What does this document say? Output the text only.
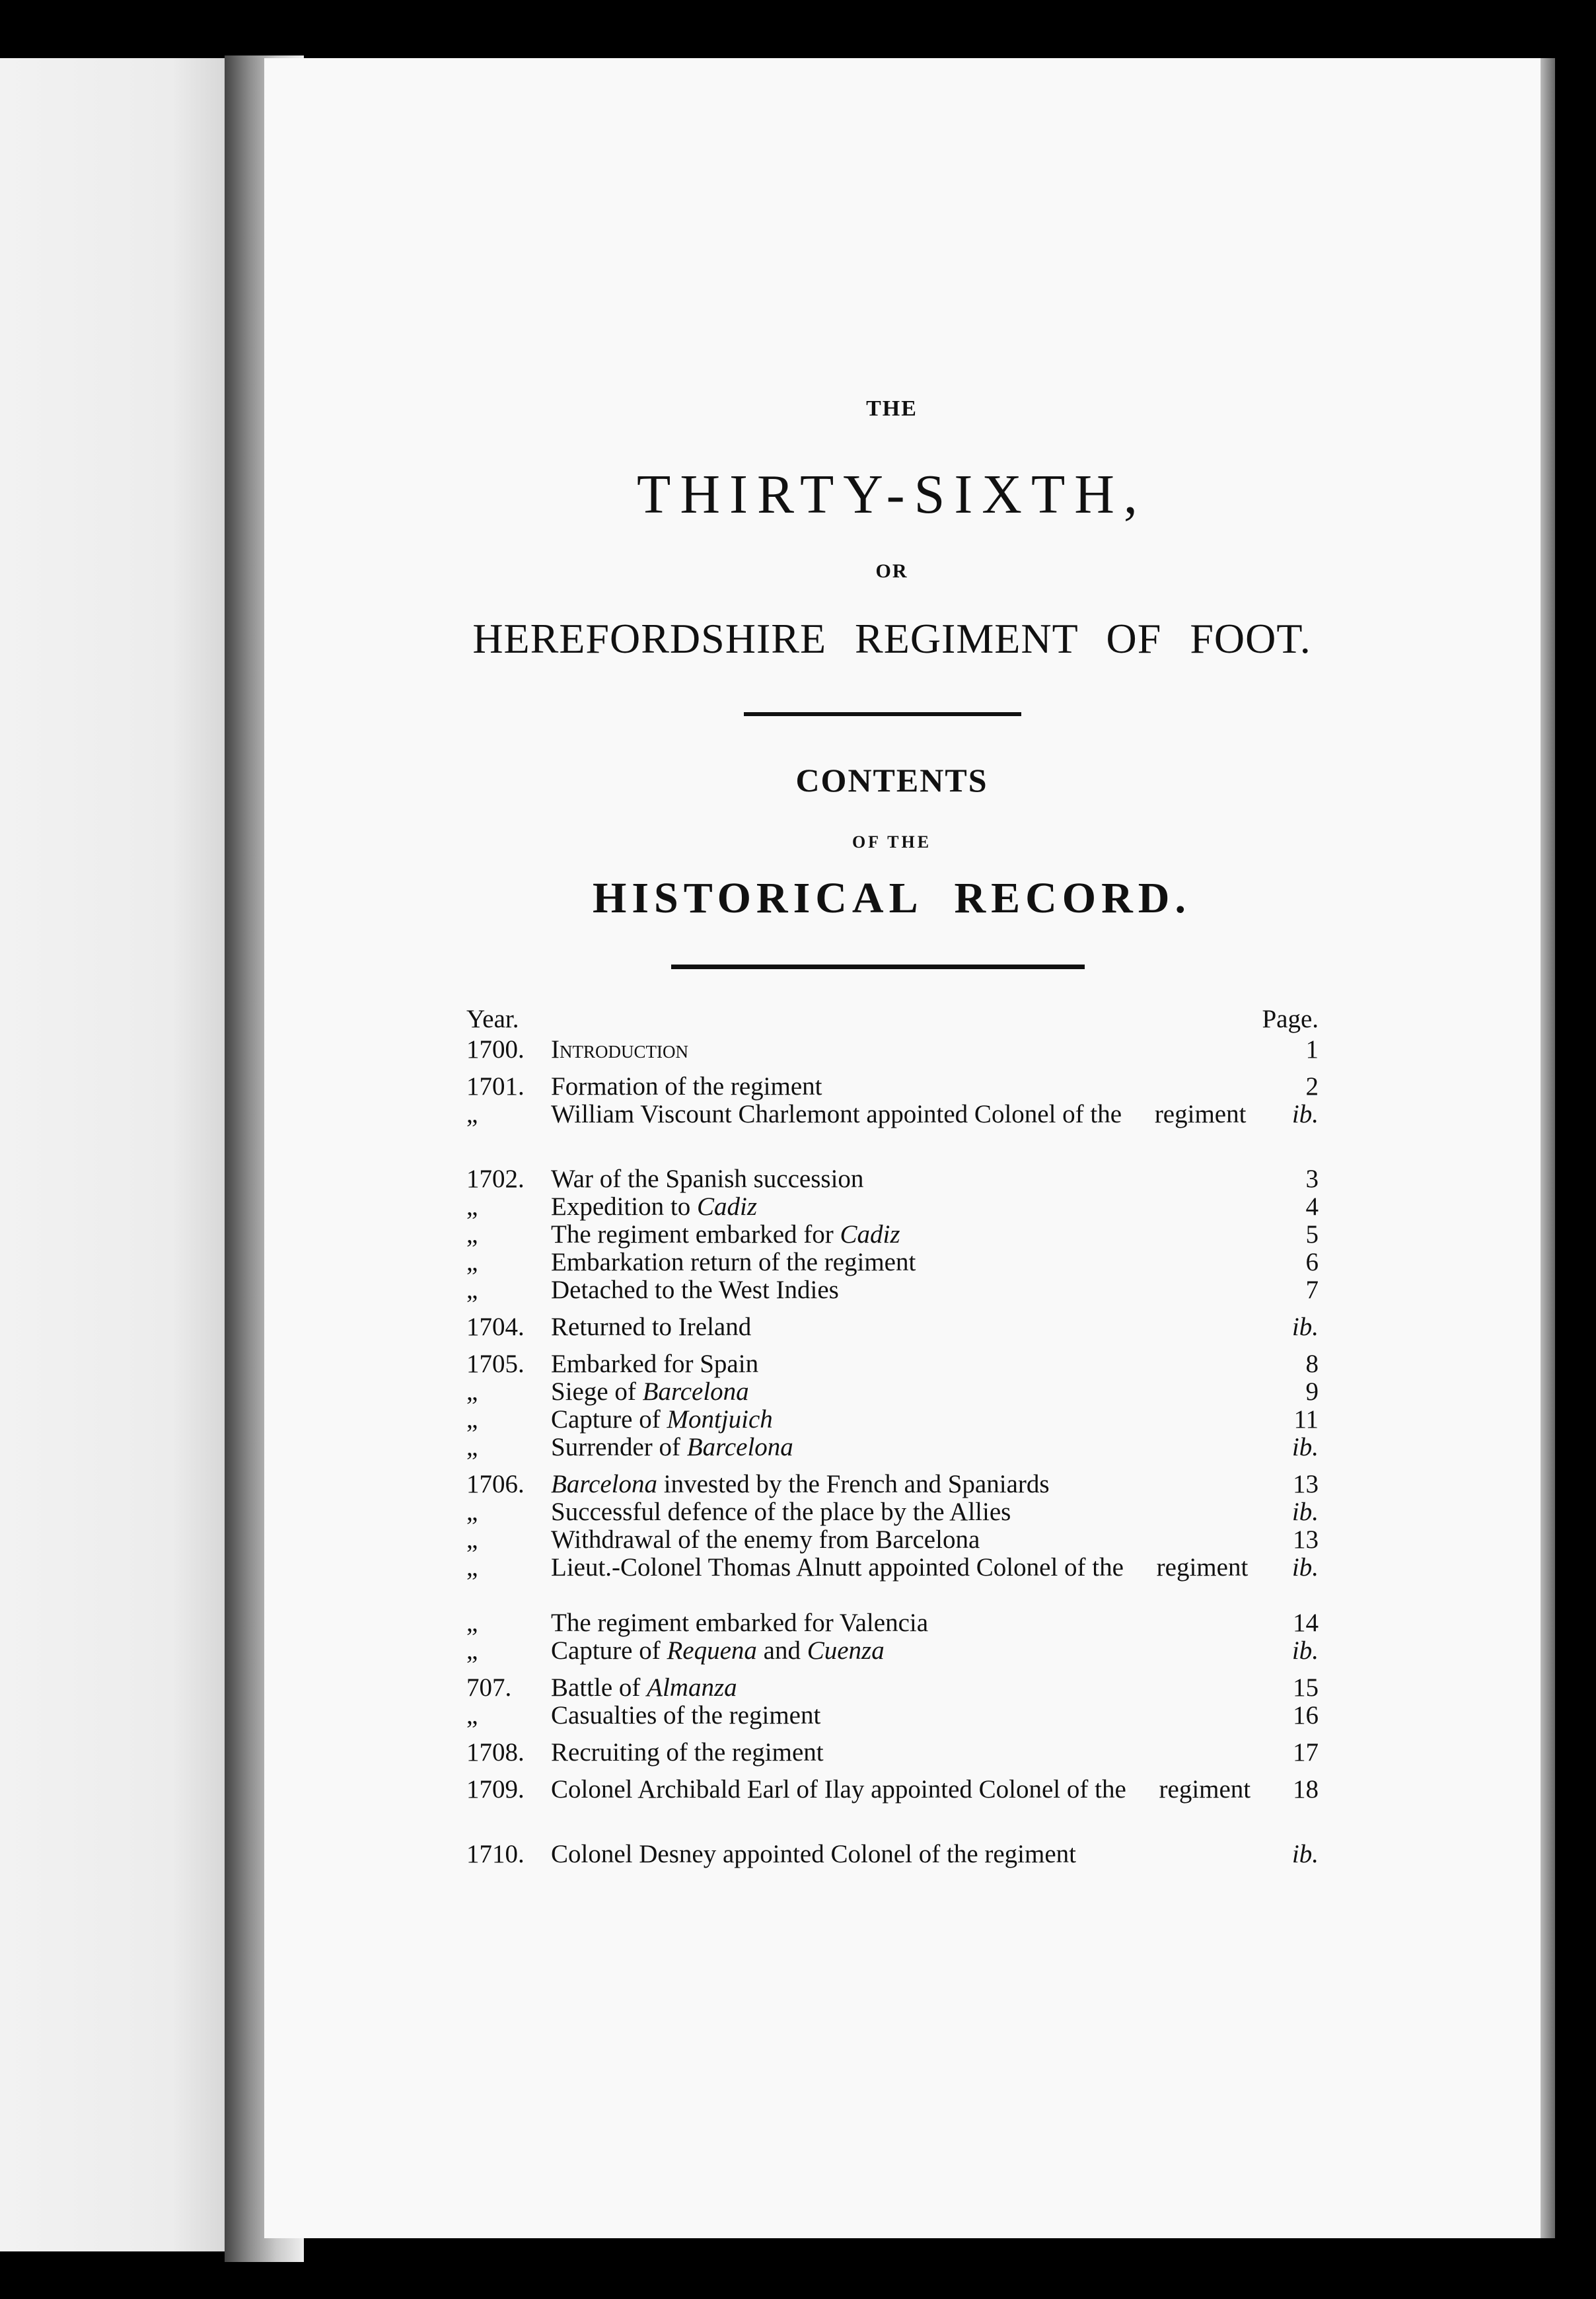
THE
THIRTY-SIXTH,
OR
HEREFORDSHIRE REGIMENT OF FOOT.
CONTENTS
OF THE
HISTORICAL RECORD.
Year.	Page.
1700.	Introduction	1
1701.	Formation of the regiment	2
„	William Viscount Charlemont appointed Colonel of the regiment	ib.
1702.	War of the Spanish succession	3
„	Expedition to Cadiz	4
„	The regiment embarked for Cadiz	5
„	Embarkation return of the regiment	6
„	Detached to the West Indies	7
1704.	Returned to Ireland	ib.
1705.	Embarked for Spain	8
„	Siege of Barcelona	9
„	Capture of Montjuich	11
„	Surrender of Barcelona	ib.
1706.	Barcelona invested by the French and Spaniards	13
„	Successful defence of the place by the Allies	ib.
„	Withdrawal of the enemy from Barcelona	13
„	Lieut.-Colonel Thomas Alnutt appointed Colonel of the regiment	ib.
„	The regiment embarked for Valencia	14
„	Capture of Requena and Cuenza	ib.
707.	Battle of Almanza	15
„	Casualties of the regiment	16
1708.	Recruiting of the regiment	17
1709.	Colonel Archibald Earl of Ilay appointed Colonel of the regiment	18
1710.	Colonel Desney appointed Colonel of the regiment	ib.
